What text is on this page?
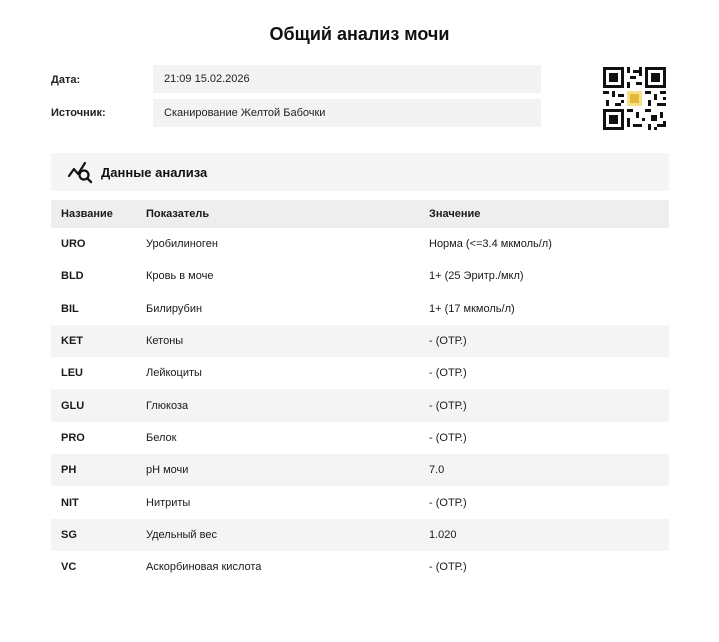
Общий анализ мочи
Дата:	21:09 15.02.2026
Источник:	Сканирование Желтой Бабочки
Данные анализа
Название	Показатель	Значение
URO	Уробилиноген	Норма (<=3.4 мкмоль/л)
BLD	Кровь в моче	1+ (25 Эритр./мкл)
BIL	Билирубин	1+ (17 мкмоль/л)
KET	Кетоны	- (ОТР.)
LEU	Лейкоциты	- (ОТР.)
GLU	Глюкоза	- (ОТР.)
PRO	Белок	- (ОТР.)
PH	pH мочи	7.0
NIT	Нитриты	- (ОТР.)
SG	Удельный вес	1.020
VC	Аскорбиновая кислота	- (ОТР.)
